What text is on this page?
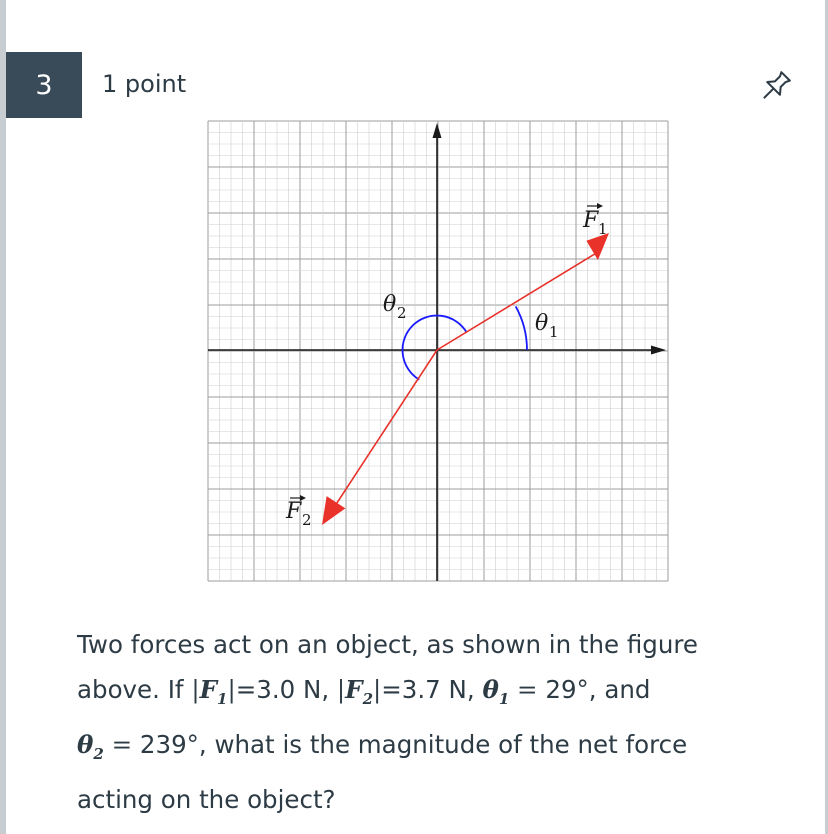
3	1 point
F 1
F 2
θ 1
θ 2
Two forces act on an object, as shown in the figure
above. If $|F_1|=3.0$ N, $|F_2|=3.7$ N, $\theta_1 = 29^\circ$, and
$\theta_2 = 239^\circ$, what is the magnitude of the net force
acting on the object?
